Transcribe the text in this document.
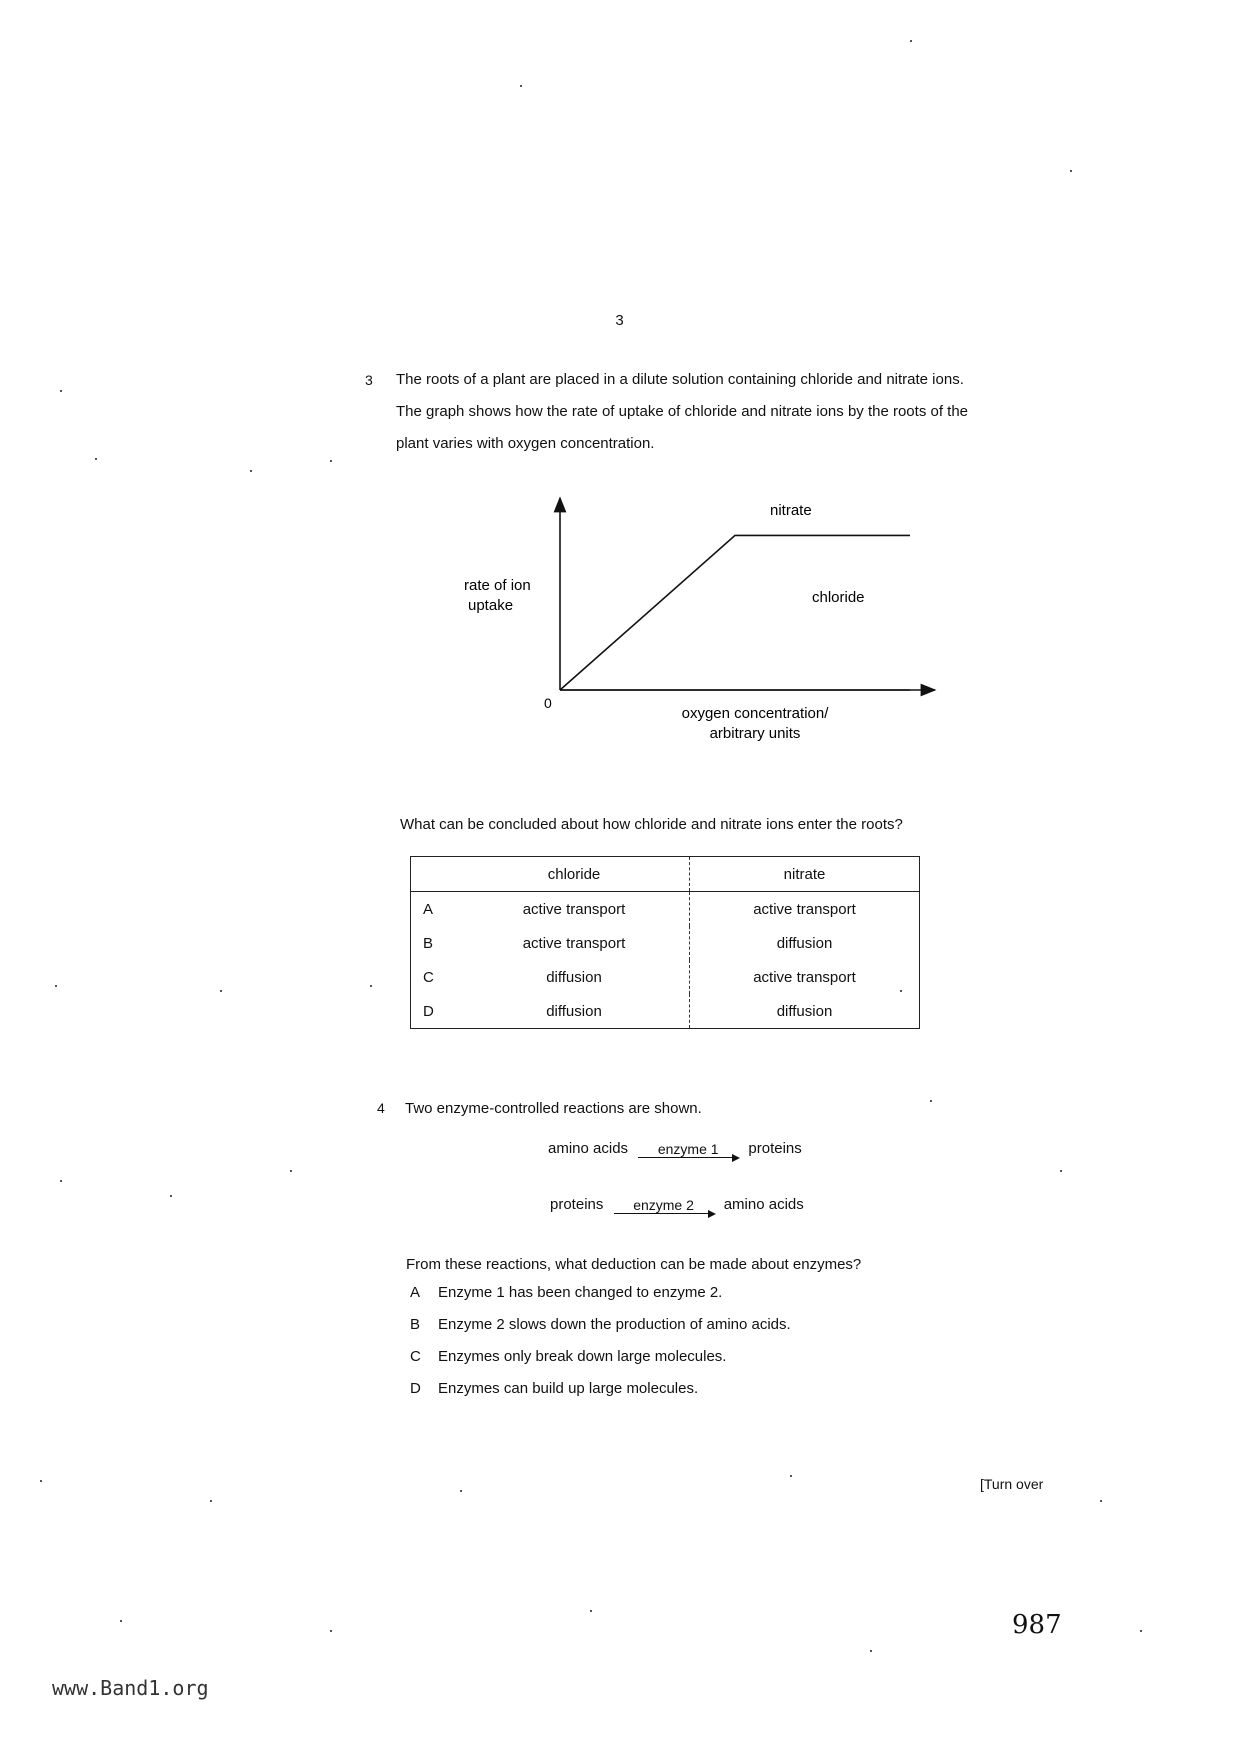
3
3 The roots of a plant are placed in a dilute solution containing chloride and nitrate ions.
The graph shows how the rate of uptake of chloride and nitrate ions by the roots of the
plant varies with oxygen concentration.
nitrate
chloride
rate of ion
uptake
0
oxygen concentration/
arbitrary units
What can be concluded about how chloride and nitrate ions enter the roots?
	chloride	nitrate
A	active transport	active transport
B	active transport	diffusion
C	diffusion	active transport
D	diffusion	diffusion
4 Two enzyme-controlled reactions are shown.
amino acids	enzyme 1	proteins
proteins	enzyme 2	amino acids
From these reactions, what deduction can be made about enzymes?
A Enzyme 1 has been changed to enzyme 2.
B Enzyme 2 slows down the production of amino acids.
C Enzymes only break down large molecules.
D Enzymes can build up large molecules.
[Turn over
987
www.Band1.org
